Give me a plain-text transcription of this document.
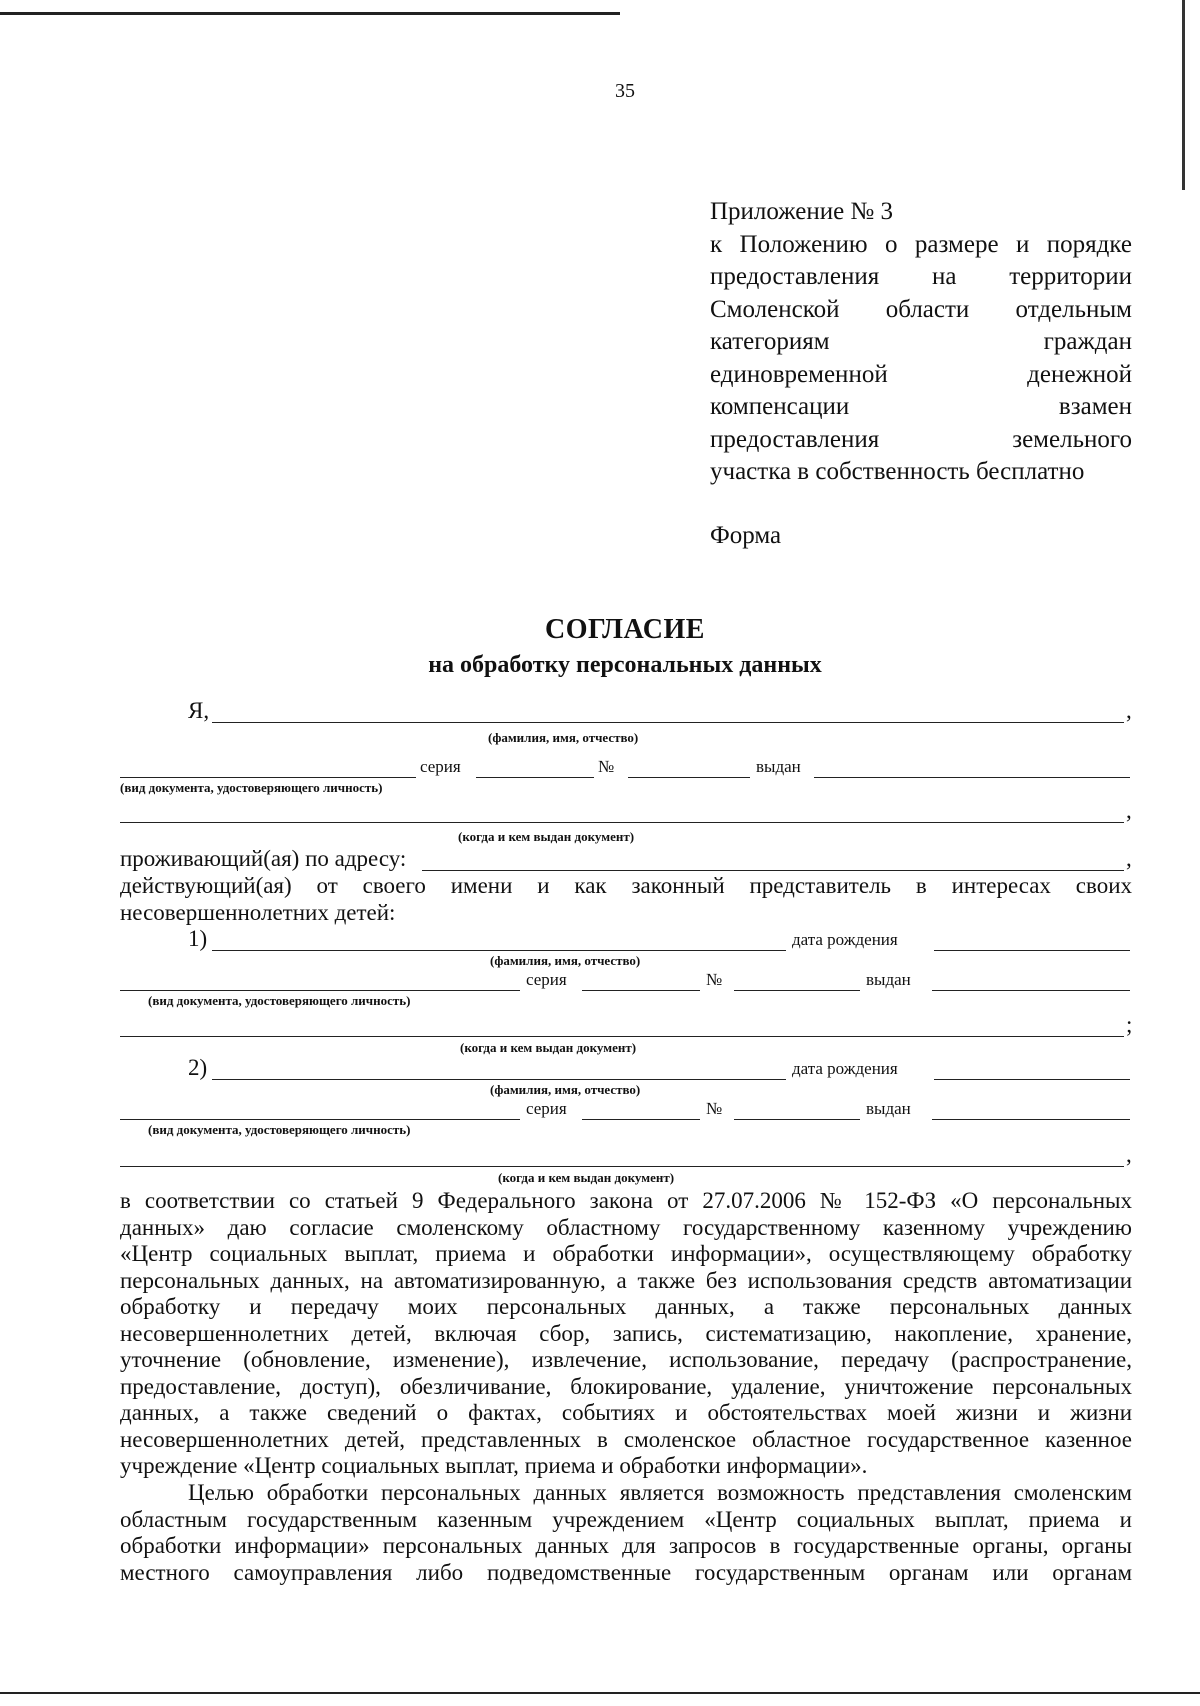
35
Приложение № 3
к Положению о размере и порядке
предоставления на территории
Смоленской области отдельным
категориям граждан
единовременной денежной
компенсации взамен
предоставления земельного
участка в собственность бесплатно
Форма
СОГЛАСИЕ
на обработку персональных данных
Я,	,
(фамилия, имя, отчество)
серия	№	выдан
(вид документа, удостоверяющего личность)
,
(когда и кем выдан документ)
проживающий(ая) по адресу:	,
действующий(ая) от своего имени и как законный представитель в интересах своих
несовершеннолетних детей:
1)	дата рождения
(фамилия, имя, отчество)
серия	№	выдан
(вид документа, удостоверяющего личность)
;
(когда и кем выдан документ)
2)	дата рождения
(фамилия, имя, отчество)
серия	№	выдан
(вид документа, удостоверяющего личность)
,
(когда и кем выдан документ)
в соответствии со статьей 9 Федерального закона от 27.07.2006 № 152-ФЗ «О персональных
данных» даю согласие смоленскому областному государственному казенному учреждению
«Центр социальных выплат, приема и обработки информации», осуществляющему обработку
персональных данных, на автоматизированную, а также без использования средств автоматизации
обработку и передачу моих персональных данных, а также персональных данных
несовершеннолетних детей, включая сбор, запись, систематизацию, накопление, хранение,
уточнение (обновление, изменение), извлечение, использование, передачу (распространение,
предоставление, доступ), обезличивание, блокирование, удаление, уничтожение персональных
данных, а также сведений о фактах, событиях и обстоятельствах моей жизни и жизни
несовершеннолетних детей, представленных в смоленское областное государственное казенное
учреждение «Центр социальных выплат, приема и обработки информации».
Целью обработки персональных данных является возможность представления смоленским
областным государственным казенным учреждением «Центр социальных выплат, приема и
обработки информации» персональных данных для запросов в государственные органы, органы
местного самоуправления либо подведомственные государственным органам или органам
